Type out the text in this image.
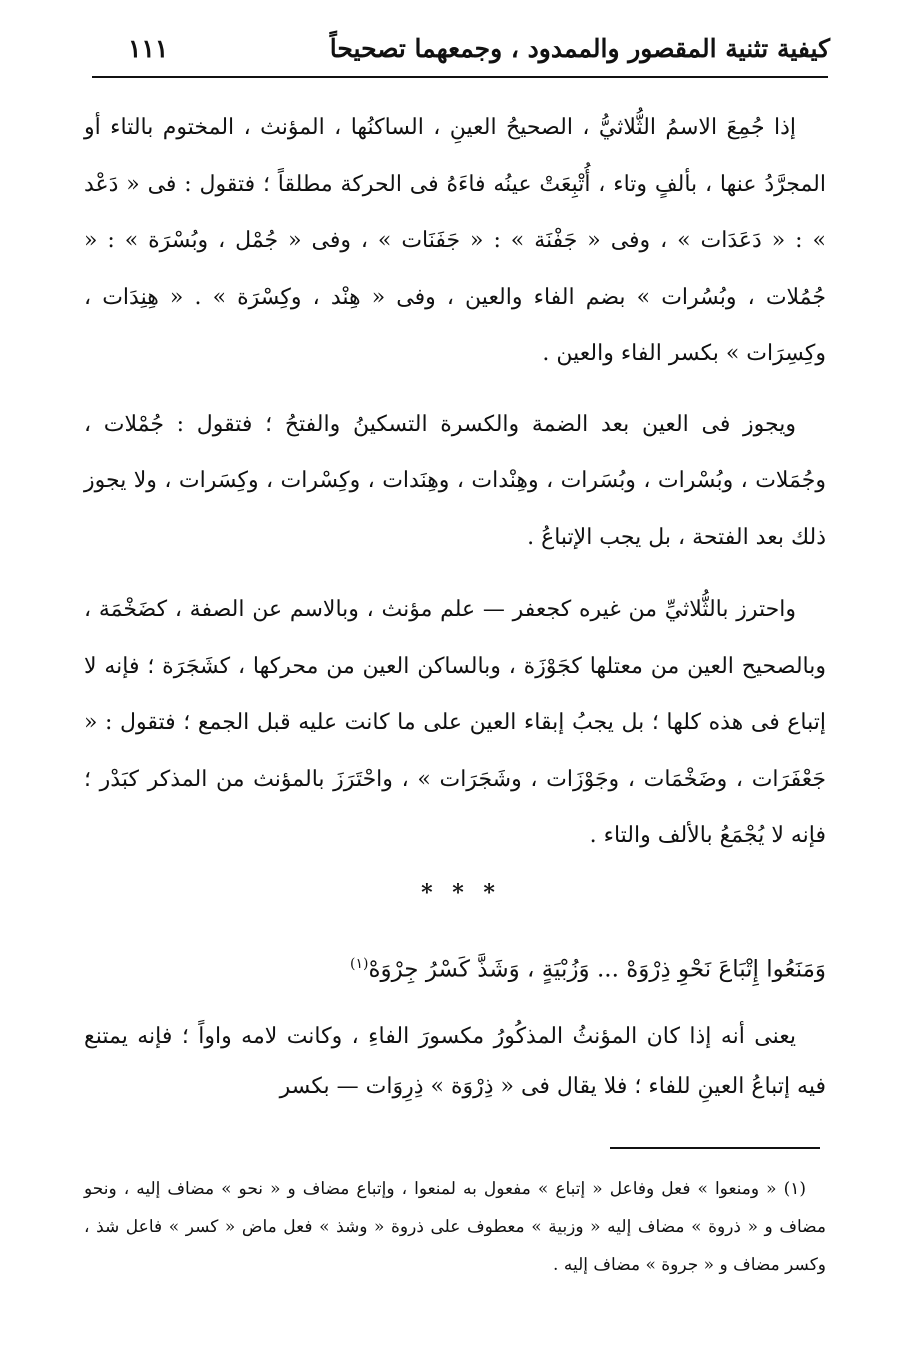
كيفية تثنية المقصور والممدود ، وجمعهما تصحيحاً
١١١

إذا جُمِعَ الاسمُ الثُّلاثيُّ ، الصحيحُ العينِ ، الساكنُها ، المؤنث ، المختوم بالتاء أو المجرَّدُ عنها ، بألفٍ وتاء ، أُتْبِعَتْ عينُه فاءَهُ فى الحركة مطلقاً ؛ فتقول : فى « دَعْد » : « دَعَدَات » ، وفى « جَفْنَة » : « جَفَنَات » ، وفى « جُمْل ، وبُسْرَة » : « جُمُلات ، وبُسُرات » بضم الفاء والعين ، وفى « هِنْد ، وكِسْرَة » . « هِنِدَات ، وكِسِرَات » بكسر الفاء والعين .

ويجوز فى العين بعد الضمة والكسرة التسكينُ والفتحُ ؛ فتقول : جُمْلات ، وجُمَلات ، وبُسْرات ، وبُسَرات ، وهِنْدات ، وهِنَدات ، وكِسْرات ، وكِسَرات ، ولا يجوز ذلك بعد الفتحة ، بل يجب الإتباعُ .

واحترز بالثُّلاثيِّ من غيره كجعفر — علم مؤنث ، وبالاسم عن الصفة ، كضَخْمَة ، وبالصحيح العين من معتلها كجَوْزَة ، وبالساكن العين من محركها ، كشَجَرَة ؛ فإنه لا إتباع فى هذه كلها ؛ بل يجبُ إبقاء العين على ما كانت عليه قبل الجمع ؛ فتقول : « جَعْفَرَات ، وضَخْمَات ، وجَوْزَات ، وشَجَرَات » ، واحْتَرَزَ بالمؤنث من المذكر كبَدْر ؛ فإنه لا يُجْمَعُ بالألف والتاء .

* * *
وَمَنَعُوا إِتْبَاعَ نَحْوِ ذِرْوَهْ ... وَزُبْيَةٍ ، وَشَذَّ كَسْرُ جِرْوَهْ$^{(١)}$

يعنى أنه إذا كان المؤنثُ المذكُورُ مكسورَ الفاءِ ، وكانت لامه واواً ؛ فإنه يمتنع فيه إتباعُ العينِ للفاء ؛ فلا يقال فى « ذِرْوَة » ذِرِوَات — بكسر

(١) « ومنعوا » فعل وفاعل « إتباع » مفعول به لمنعوا ، وإتباع مضاف و « نحو » مضاف إليه ، ونحو مضاف و « ذروة » مضاف إليه « وزبية » معطوف على ذروة « وشذ » فعل ماض « كسر » فاعل شذ ، وكسر مضاف و « جروة » مضاف إليه .
